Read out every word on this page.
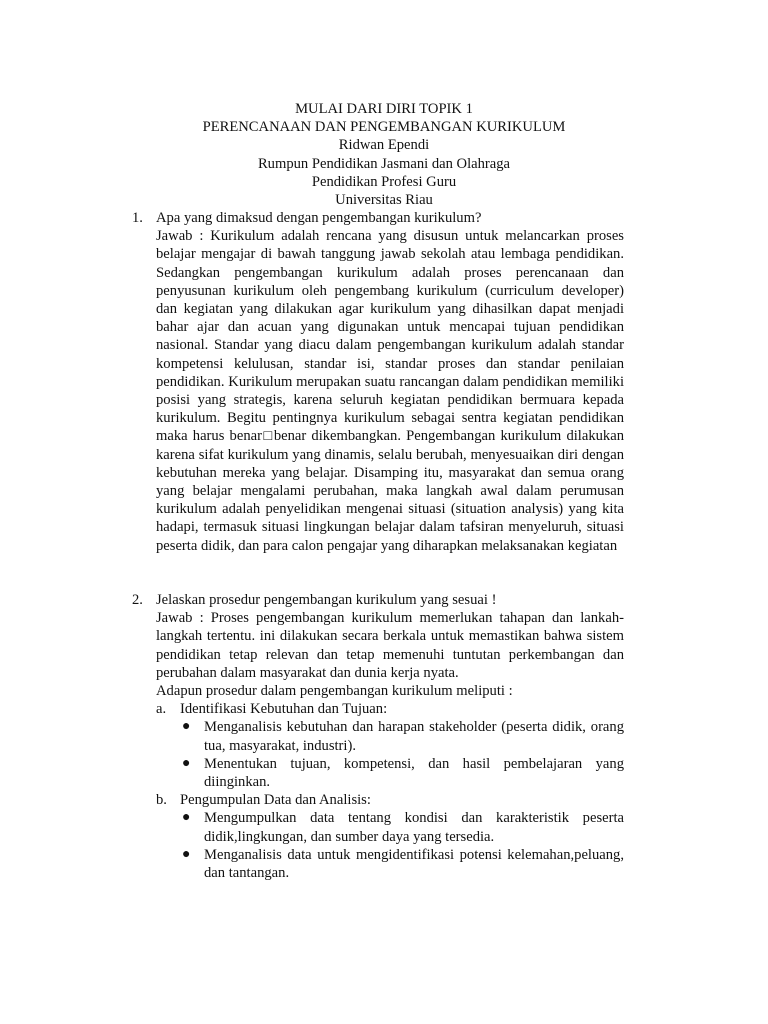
MULAI DARI DIRI TOPIK 1
PERENCANAAN DAN PENGEMBANGAN KURIKULUM
Ridwan Ependi
Rumpun Pendidikan Jasmani dan Olahraga
Pendidikan Profesi Guru
Universitas Riau
1. Apa yang dimaksud dengan pengembangan kurikulum?
Jawab : Kurikulum adalah rencana yang disusun untuk melancarkan proses belajar mengajar di bawah tanggung jawab sekolah atau lembaga pendidikan. Sedangkan pengembangan kurikulum adalah proses perencanaan dan penyusunan kurikulum oleh pengembang kurikulum (curriculum developer) dan kegiatan yang dilakukan agar kurikulum yang dihasilkan dapat menjadi bahar ajar dan acuan yang digunakan untuk mencapai tujuan pendidikan nasional. Standar yang diacu dalam pengembangan kurikulum adalah standar kompetensi kelulusan, standar isi, standar proses dan standar penilaian pendidikan. Kurikulum merupakan suatu rancangan dalam pendidikan memiliki posisi yang strategis, karena seluruh kegiatan pendidikan bermuara kepada kurikulum. Begitu pentingnya kurikulum sebagai sentra kegiatan pendidikan maka harus benar□benar dikembangkan. Pengembangan kurikulum dilakukan karena sifat kurikulum yang dinamis, selalu berubah, menyesuaikan diri dengan kebutuhan mereka yang belajar. Disamping itu, masyarakat dan semua orang yang belajar mengalami perubahan, maka langkah awal dalam perumusan kurikulum adalah penyelidikan mengenai situasi (situation analysis) yang kita hadapi, termasuk situasi lingkungan belajar dalam tafsiran menyeluruh, situasi peserta didik, dan para calon pengajar yang diharapkan melaksanakan kegiatan
2. Jelaskan prosedur pengembangan kurikulum yang sesuai !
Jawab : Proses pengembangan kurikulum memerlukan tahapan dan lankah- langkah tertentu. ini dilakukan secara berkala untuk memastikan bahwa sistem pendidikan tetap relevan dan tetap memenuhi tuntutan perkembangan dan perubahan dalam masyarakat dan dunia kerja nyata.
Adapun prosedur dalam pengembangan kurikulum meliputi :
a. Identifikasi Kebutuhan dan Tujuan:
● Menganalisis kebutuhan dan harapan stakeholder (peserta didik, orang tua, masyarakat, industri).
● Menentukan tujuan, kompetensi, dan hasil pembelajaran yang diinginkan.
b. Pengumpulan Data dan Analisis:
● Mengumpulkan data tentang kondisi dan karakteristik peserta didik,lingkungan, dan sumber daya yang tersedia.
● Menganalisis data untuk mengidentifikasi potensi kelemahan,peluang, dan tantangan.
